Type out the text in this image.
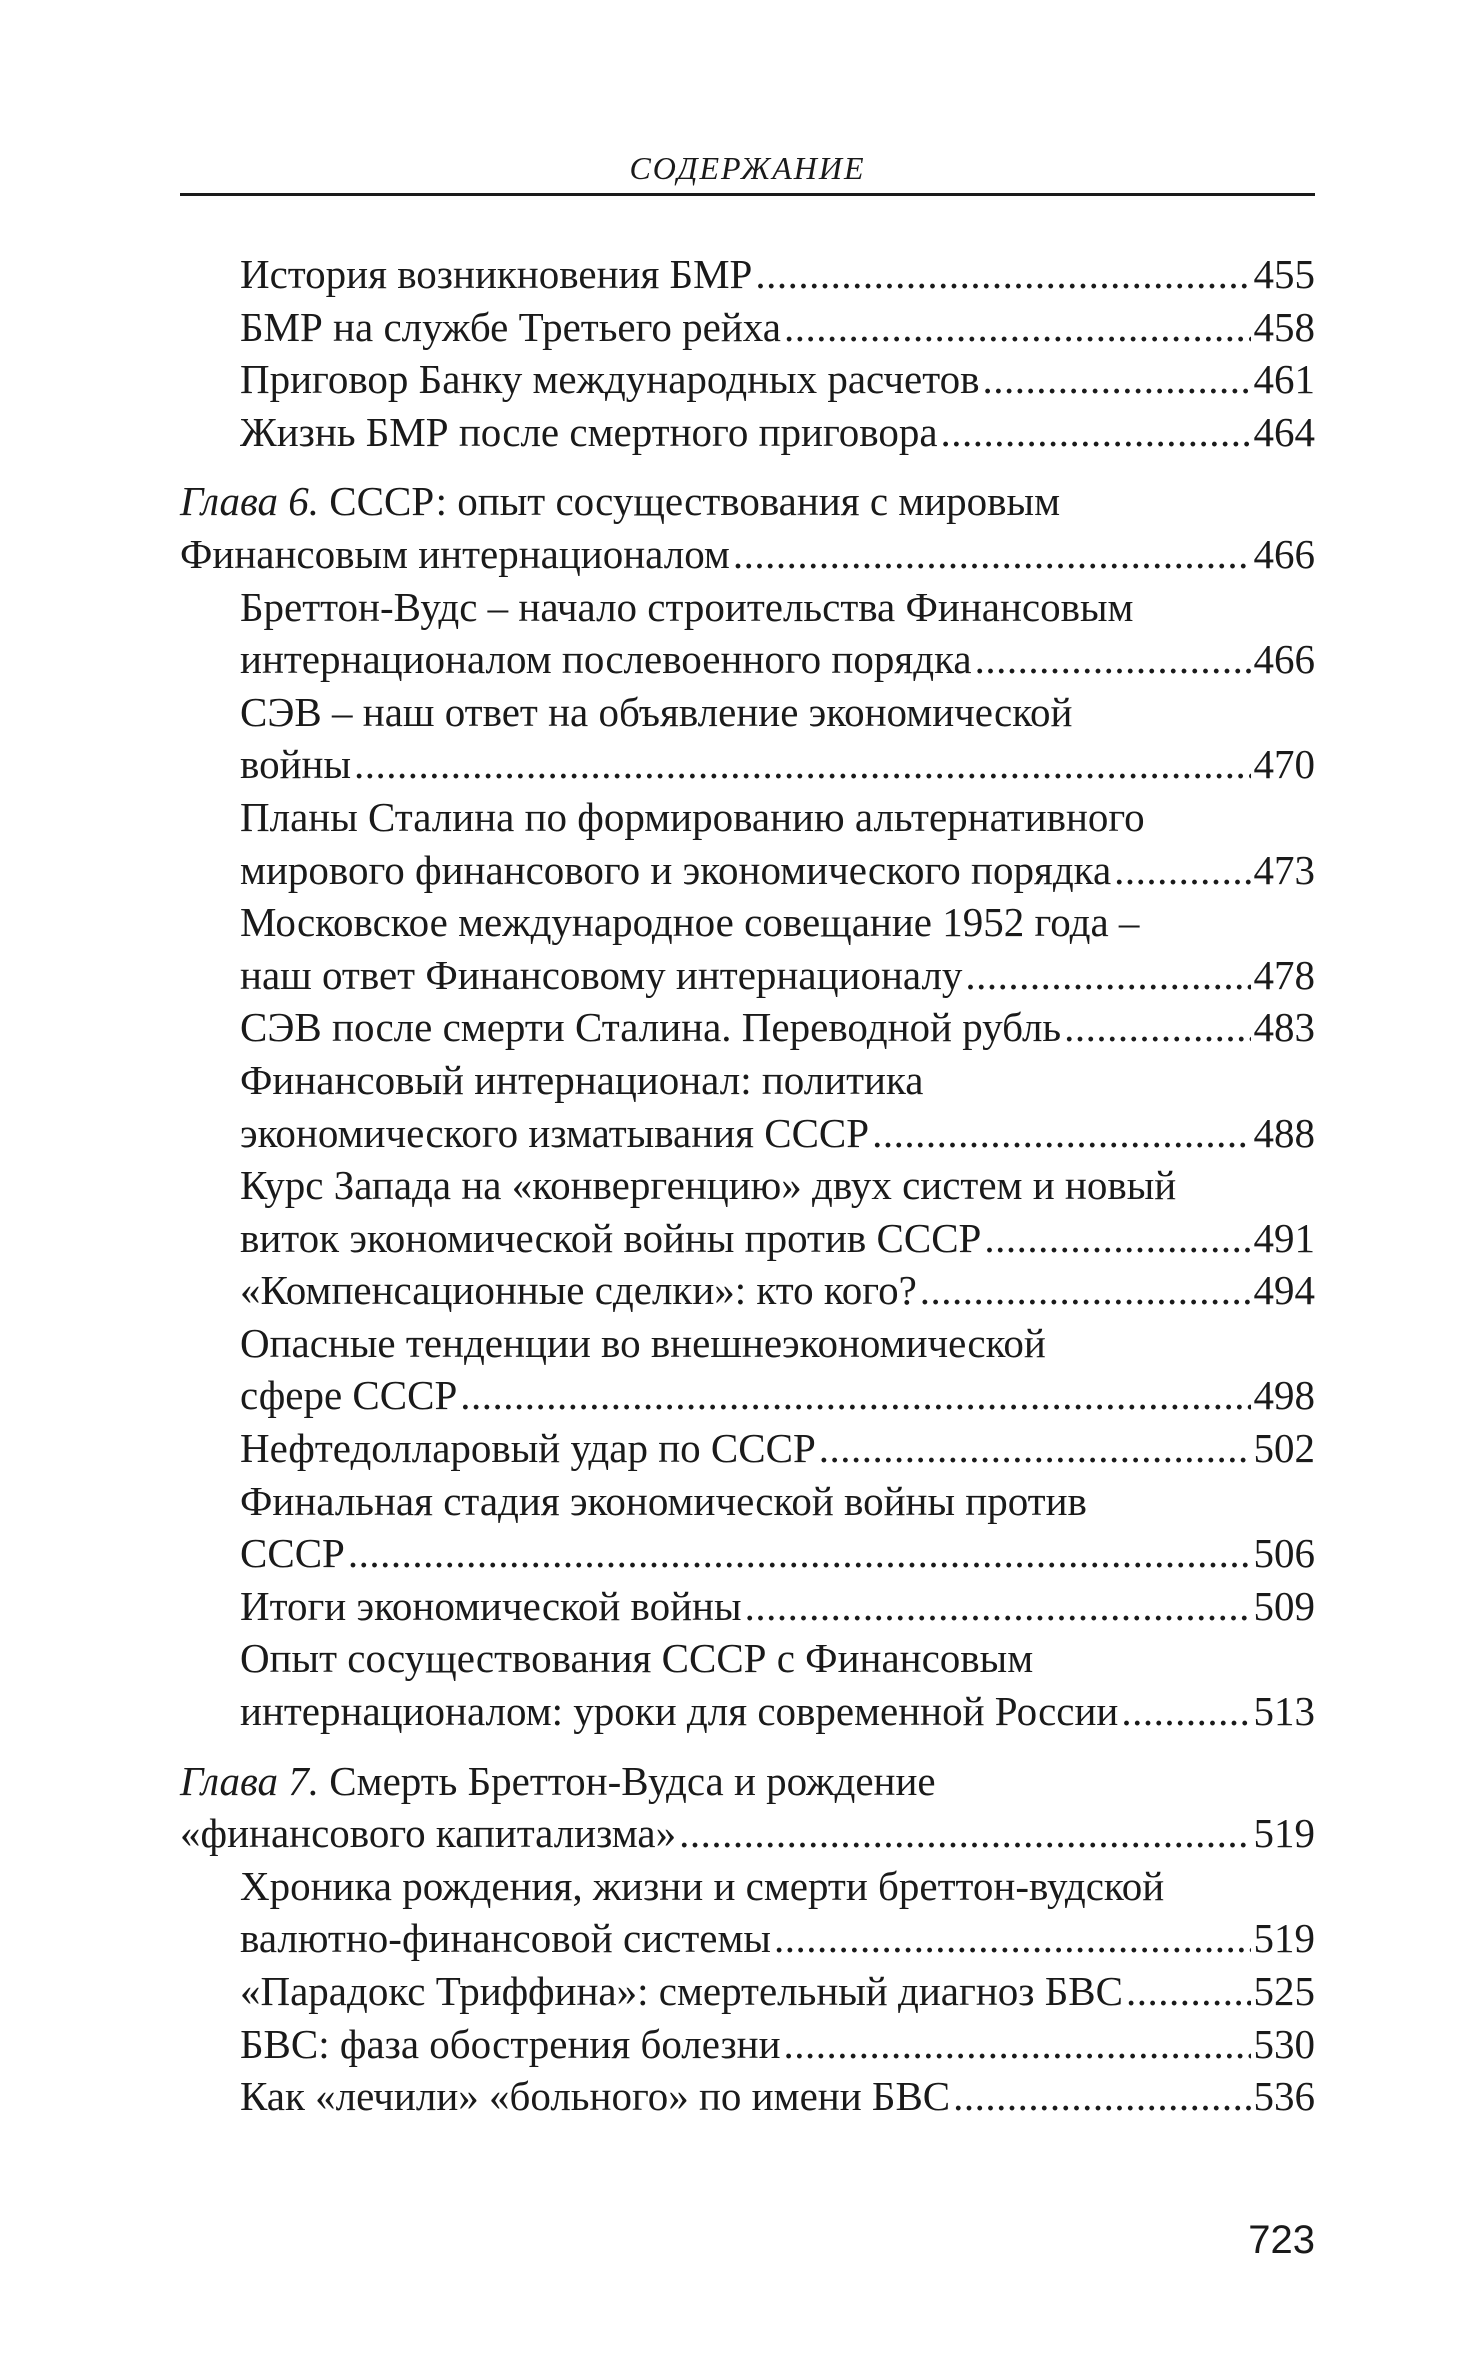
СОДЕРЖАНИЕ
История возникновения БМР .....	455
БМР на службе Третьего рейха .....	458
Приговор Банку международных расчетов .....	461
Жизнь БМР после смертного приговора .....	464
Глава 6. СССР: опыт сосуществования с мировым
Финансовым интернационалом .....	466
Бреттон-Вудс – начало строительства Финансовым
интернационалом послевоенного порядка .....	466
СЭВ – наш ответ на объявление экономической
войны .....	470
Планы Сталина по формированию альтернативного
мирового финансового и экономического порядка .....	473
Московское международное совещание 1952 года –
наш ответ Финансовому интернационалу .....	478
СЭВ после смерти Сталина. Переводной рубль .....	483
Финансовый интернационал: политика
экономического изматывания СССР .....	488
Курс Запада на «конвергенцию» двух систем и новый
виток экономической войны против СССР .....	491
«Компенсационные сделки»: кто кого? .....	494
Опасные тенденции во внешнеэкономической
сфере СССР .....	498
Нефтедолларовый удар по СССР .....	502
Финальная стадия экономической войны против
СССР .....	506
Итоги экономической войны .....	509
Опыт сосуществования СССР с Финансовым
интернационалом: уроки для современной России .....	513
Глава 7. Смерть Бреттон-Вудса и рождение
«финансового капитализма» .....	519
Хроника рождения, жизни и смерти бреттон-вудской
валютно-финансовой системы .....	519
«Парадокс Триффина»: смертельный диагноз БВС .....	525
БВС: фаза обострения болезни .....	530
Как «лечили» «больного» по имени БВС .....	536
723
